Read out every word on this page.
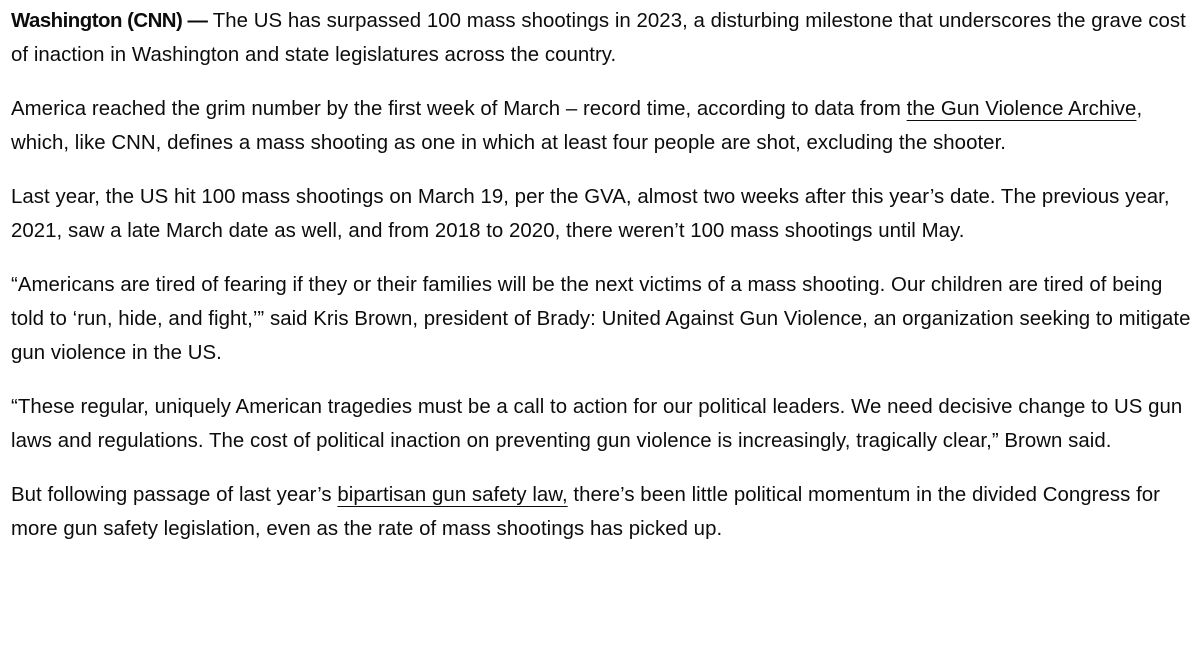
Washington (CNN) — The US has surpassed 100 mass shootings in 2023, a disturbing milestone that underscores the grave cost of inaction in Washington and state legislatures across the country.

America reached the grim number by the first week of March – record time, according to data from the Gun Violence Archive, which, like CNN, defines a mass shooting as one in which at least four people are shot, excluding the shooter.

Last year, the US hit 100 mass shootings on March 19, per the GVA, almost two weeks after this year’s date. The previous year, 2021, saw a late March date as well, and from 2018 to 2020, there weren’t 100 mass shootings until May.

“Americans are tired of fearing if they or their families will be the next victims of a mass shooting. Our children are tired of being told to ‘run, hide, and fight,’” said Kris Brown, president of Brady: United Against Gun Violence, an organization seeking to mitigate gun violence in the US.

“These regular, uniquely American tragedies must be a call to action for our political leaders. We need decisive change to US gun laws and regulations. The cost of political inaction on preventing gun violence is increasingly, tragically clear,” Brown said.

But following passage of last year’s bipartisan gun safety law, there’s been little political momentum in the divided Congress for more gun safety legislation, even as the rate of mass shootings has picked up.
